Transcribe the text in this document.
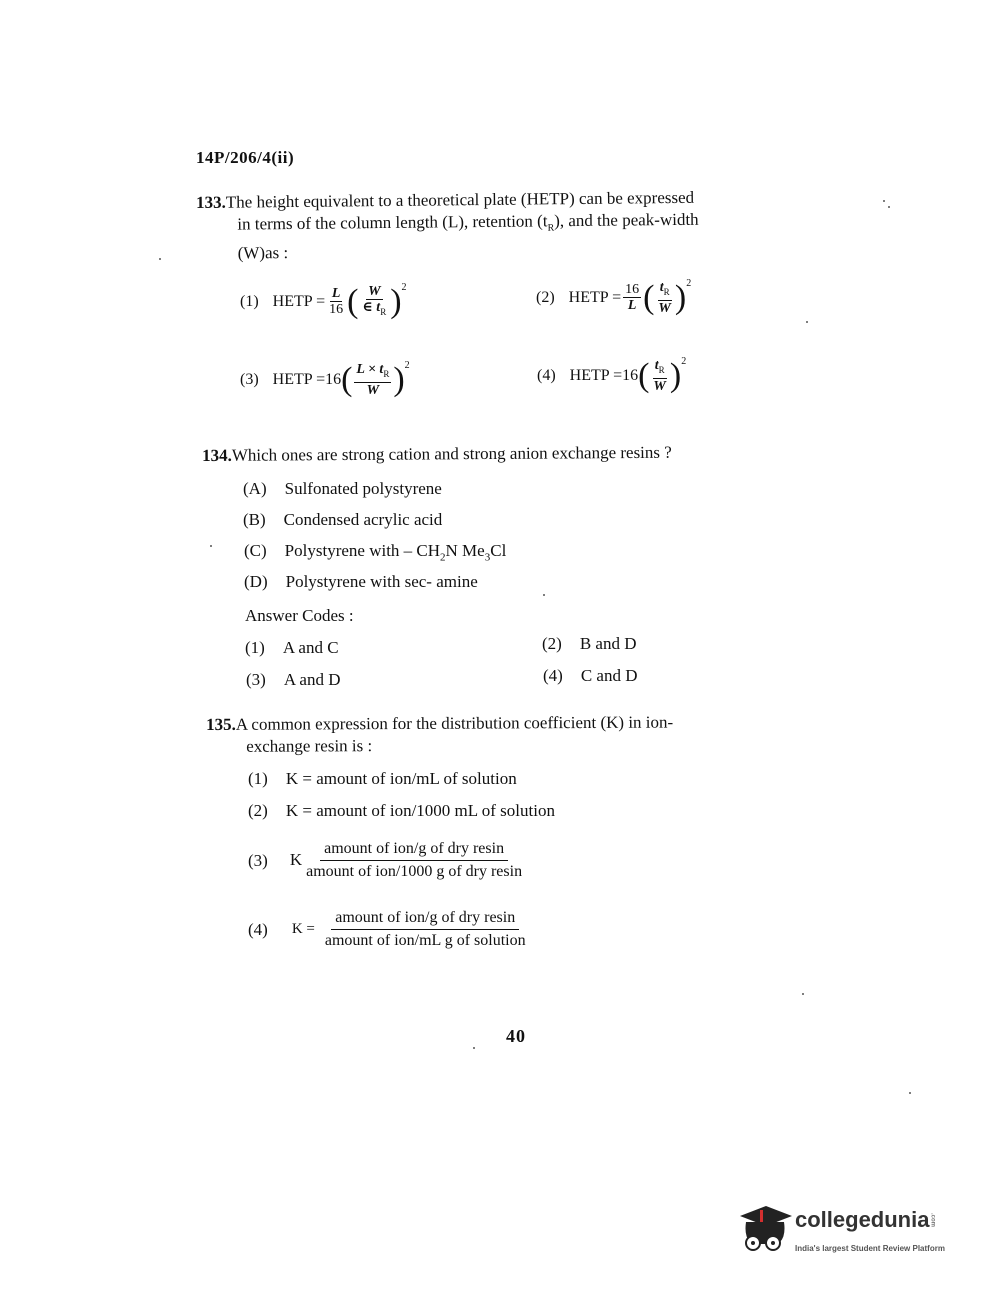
14P/206/4(ii)
133.The height equivalent to a theoretical plate (HETP) can be expressed
in terms of the column length (L), retention $(t_R)$, and the peak-width
(W)as :
(1) HETP = $\frac{L}{16}$ ( $\frac{W}{\in t_R}$ ) 2
(2) HETP = $\frac{16}{L}$ ( $\frac{t_R}{W}$ ) 2
(3) HETP = 16 ( $\frac{L \times t_R}{W}$ ) 2
(4) HETP = 16 ( $\frac{t_R}{W}$ ) 2
134.Which ones are strong cation and strong anion exchange resins ?
(A) Sulfonated polystyrene
(B) Condensed acrylic acid
(C) Polystyrene with – $CH_2N$ $Me_3Cl$
(D) Polystyrene with sec- amine
Answer Codes :
(1) A and C	(2) B and D
(3) A and D	(4) C and D
135.A common expression for the distribution coefficient (K) in ion-
exchange resin is :
(1) K = amount of ion/mL of solution
(2) K = amount of ion/1000 mL of solution
(3) K $\frac{\text{amount of ion/g of dry resin}}{\text{amount of ion/1000 g of dry resin}}$
(4) $K = \frac{\text{amount of ion/g of dry resin}}{\text{amount of ion/mL g of solution}}$
40
collegedunia.com
India's largest Student Review Platform
